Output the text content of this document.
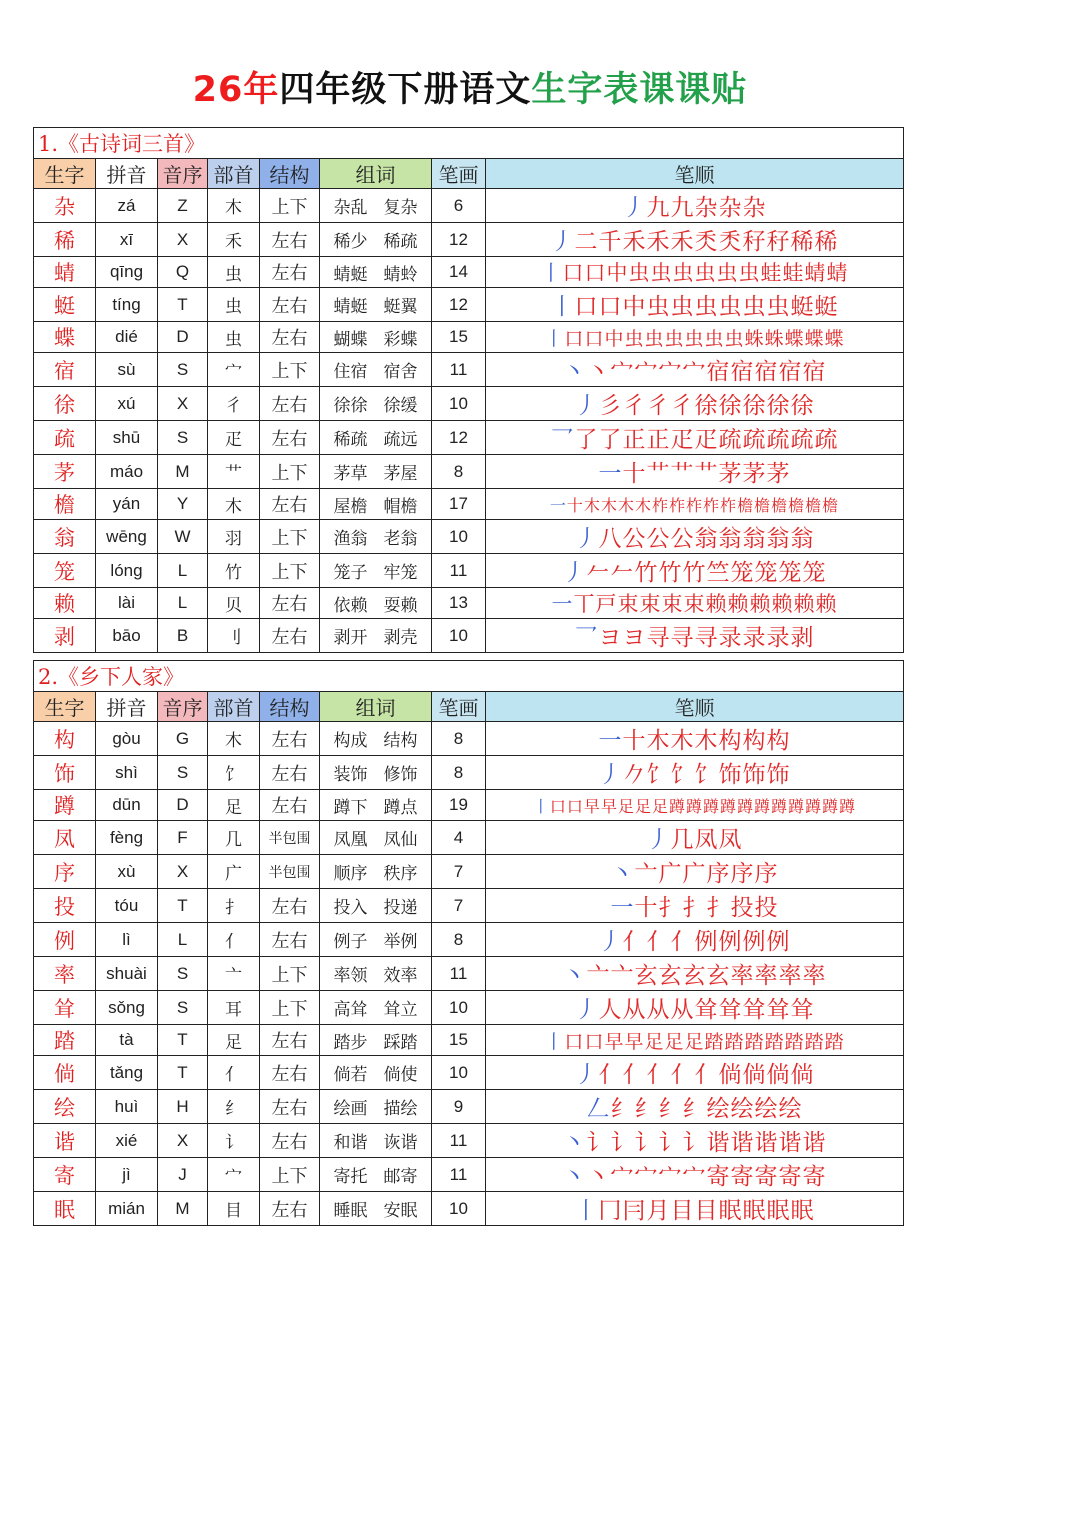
26年四年级下册语文生字表课课贴
1.《古诗词三首》							
生字	拼音	音序	部首	结构	组词	笔画	笔顺
杂	zá	Z	木	上下	杂乱 复杂	6	丿九九杂杂杂
稀	xī	X	禾	左右	稀少 稀疏	12	丿二千禾禾禾秂秂秄秄稀稀
蜻	qīng	Q	虫	左右	蜻蜓 蜻蛉	14	丨口口中虫虫虫虫虫虫蛙蛙蜻蜻
蜓	tíng	T	虫	左右	蜻蜓 蜓翼	12	丨口口中虫虫虫虫虫虫蜓蜓
蝶	dié	D	虫	左右	蝴蝶 彩蝶	15	丨口口中虫虫虫虫虫虫蛛蛛蝶蝶蝶
宿	sù	S	宀	上下	住宿 宿舍	11	丶丶宀宀宀宀宿宿宿宿宿
徐	xú	X	彳	左右	徐徐 徐缓	10	丿彡彳彳彳徐徐徐徐徐
疏	shū	S	疋	左右	稀疏 疏远	12	乛了了正正疋疋疏疏疏疏疏
茅	máo	M	艹	上下	茅草 茅屋	8	一十艹艹艹茅茅茅
檐	yán	Y	木	左右	屋檐 帽檐	17	一十木木木木柞柞柞柞柞檐檐檐檐檐檐
翁	wēng	W	羽	上下	渔翁 老翁	10	丿八公公公翁翁翁翁翁
笼	lóng	L	竹	上下	笼子 牢笼	11	丿𠂉𠂉竹竹竹竺笼笼笼笼
赖	lài	L	贝	左右	依赖 耍赖	13	一丅戸束束束束赖赖赖赖赖赖
剥	bāo	B	刂	左右	剥开 剥壳	10	乛ヨヨ寻寻寻录录录剥
2.《乡下人家》							
生字	拼音	音序	部首	结构	组词	笔画	笔顺
构	gòu	G	木	左右	构成 结构	8	一十木木木构构构
饰	shì	S	饣	左右	装饰 修饰	8	丿𠂊饣饣饣饰饰饰
蹲	dūn	D	足	左右	蹲下 蹲点	19	丨口口早早足足足蹲蹲蹲蹲蹲蹲蹲蹲蹲蹲蹲
凤	fèng	F	几	半包围	凤凰 凤仙	4	丿几凤凤
序	xù	X	广	半包围	顺序 秩序	7	丶亠广广序序序
投	tóu	T	扌	左右	投入 投递	7	一十扌扌扌投投
例	lì	L	亻	左右	例子 举例	8	丿亻亻亻例例例例
率	shuài	S	亠	上下	率领 效率	11	丶亠亠玄玄玄玄率率率率
耸	sǒng	S	耳	上下	高耸 耸立	10	丿人从从从耸耸耸耸耸
踏	tà	T	足	左右	踏步 踩踏	15	丨口口早早足足足踏踏踏踏踏踏踏
倘	tǎng	T	亻	左右	倘若 倘使	10	丿亻亻亻亻亻倘倘倘倘
绘	huì	H	纟	左右	绘画 描绘	9	𠃋纟纟纟纟绘绘绘绘
谐	xié	X	讠	左右	和谐 诙谐	11	丶讠讠讠讠讠谐谐谐谐谐
寄	jì	J	宀	上下	寄托 邮寄	11	丶丶宀宀宀宀寄寄寄寄寄
眠	mián	M	目	左右	睡眠 安眠	10	丨冂冃月目目眠眠眠眠
